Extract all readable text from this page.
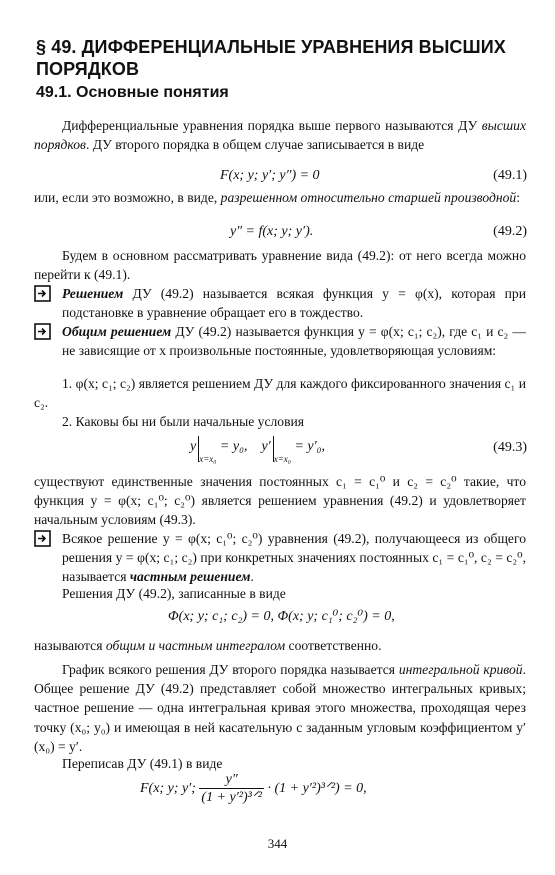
§ 49. ДИФФЕРЕНЦИАЛЬНЫЕ УРАВНЕНИЯ ВЫСШИХ ПОРЯДКОВ
49.1. Основные понятия
Дифференциальные уравнения порядка выше первого называются ДУ высших порядков. ДУ второго порядка в общем случае записывается в виде
F(x; y; y′; y″) = 0	(49.1)
или, если это возможно, в виде, разрешенном относительно старшей производной:
y″ = f(x; y; y′).	(49.2)
Будем в основном рассматривать уравнение вида (49.2): от него всегда можно перейти к (49.1).
Решением ДУ (49.2) называется всякая функция y = φ(x), которая при подстановке в уравнение обращает его в тождество.
Общим решением ДУ (49.2) называется функция y = φ(x; c₁; c₂), где c₁ и c₂ — не зависящие от x произвольные постоянные, удовлетворяющая условиям:
1. φ(x; c₁; c₂) является решением ДУ для каждого фиксированного значения c₁ и c₂.
2. Каковы бы ни были начальные условия
$y_{x=x_0} = y_0$, $y'_{x=x_0} = y'_0$,	(49.3)
существуют единственные значения постоянных c₁ = c₁⁰ и c₂ = c₂⁰ такие, что функция y = φ(x; c₁⁰; c₂⁰) является решением уравнения (49.2) и удовлетворяет начальным условиям (49.3).
Всякое решение y = φ(x; c₁⁰; c₂⁰) уравнения (49.2), получающееся из общего решения y = φ(x; c₁; c₂) при конкретных значениях постоянных c₁ = c₁⁰, c₂ = c₂⁰, называется частным решением.
Решения ДУ (49.2), записанные в виде
Φ(x; y; c₁; c₂) = 0, Φ(x; y; c₁⁰; c₂⁰) = 0,
называются общим и частным интегралом соответственно.
График всякого решения ДУ второго порядка называется интегральной кривой. Общее решение ДУ (49.2) представляет собой множество интегральных кривых; частное решение — одна интегральная кривая этого множества, проходящая через точку (x₀; y₀) и имеющая в ней касательную с заданным угловым коэффициентом y′(x₀) = y′.
Переписав ДУ (49.1) в виде
F(x; y; y′; $\frac{y''}{\text{(1 + y′²)³ᐟ²}} \cdot (1$ + y′²)³ᐟ²) = 0,
344
